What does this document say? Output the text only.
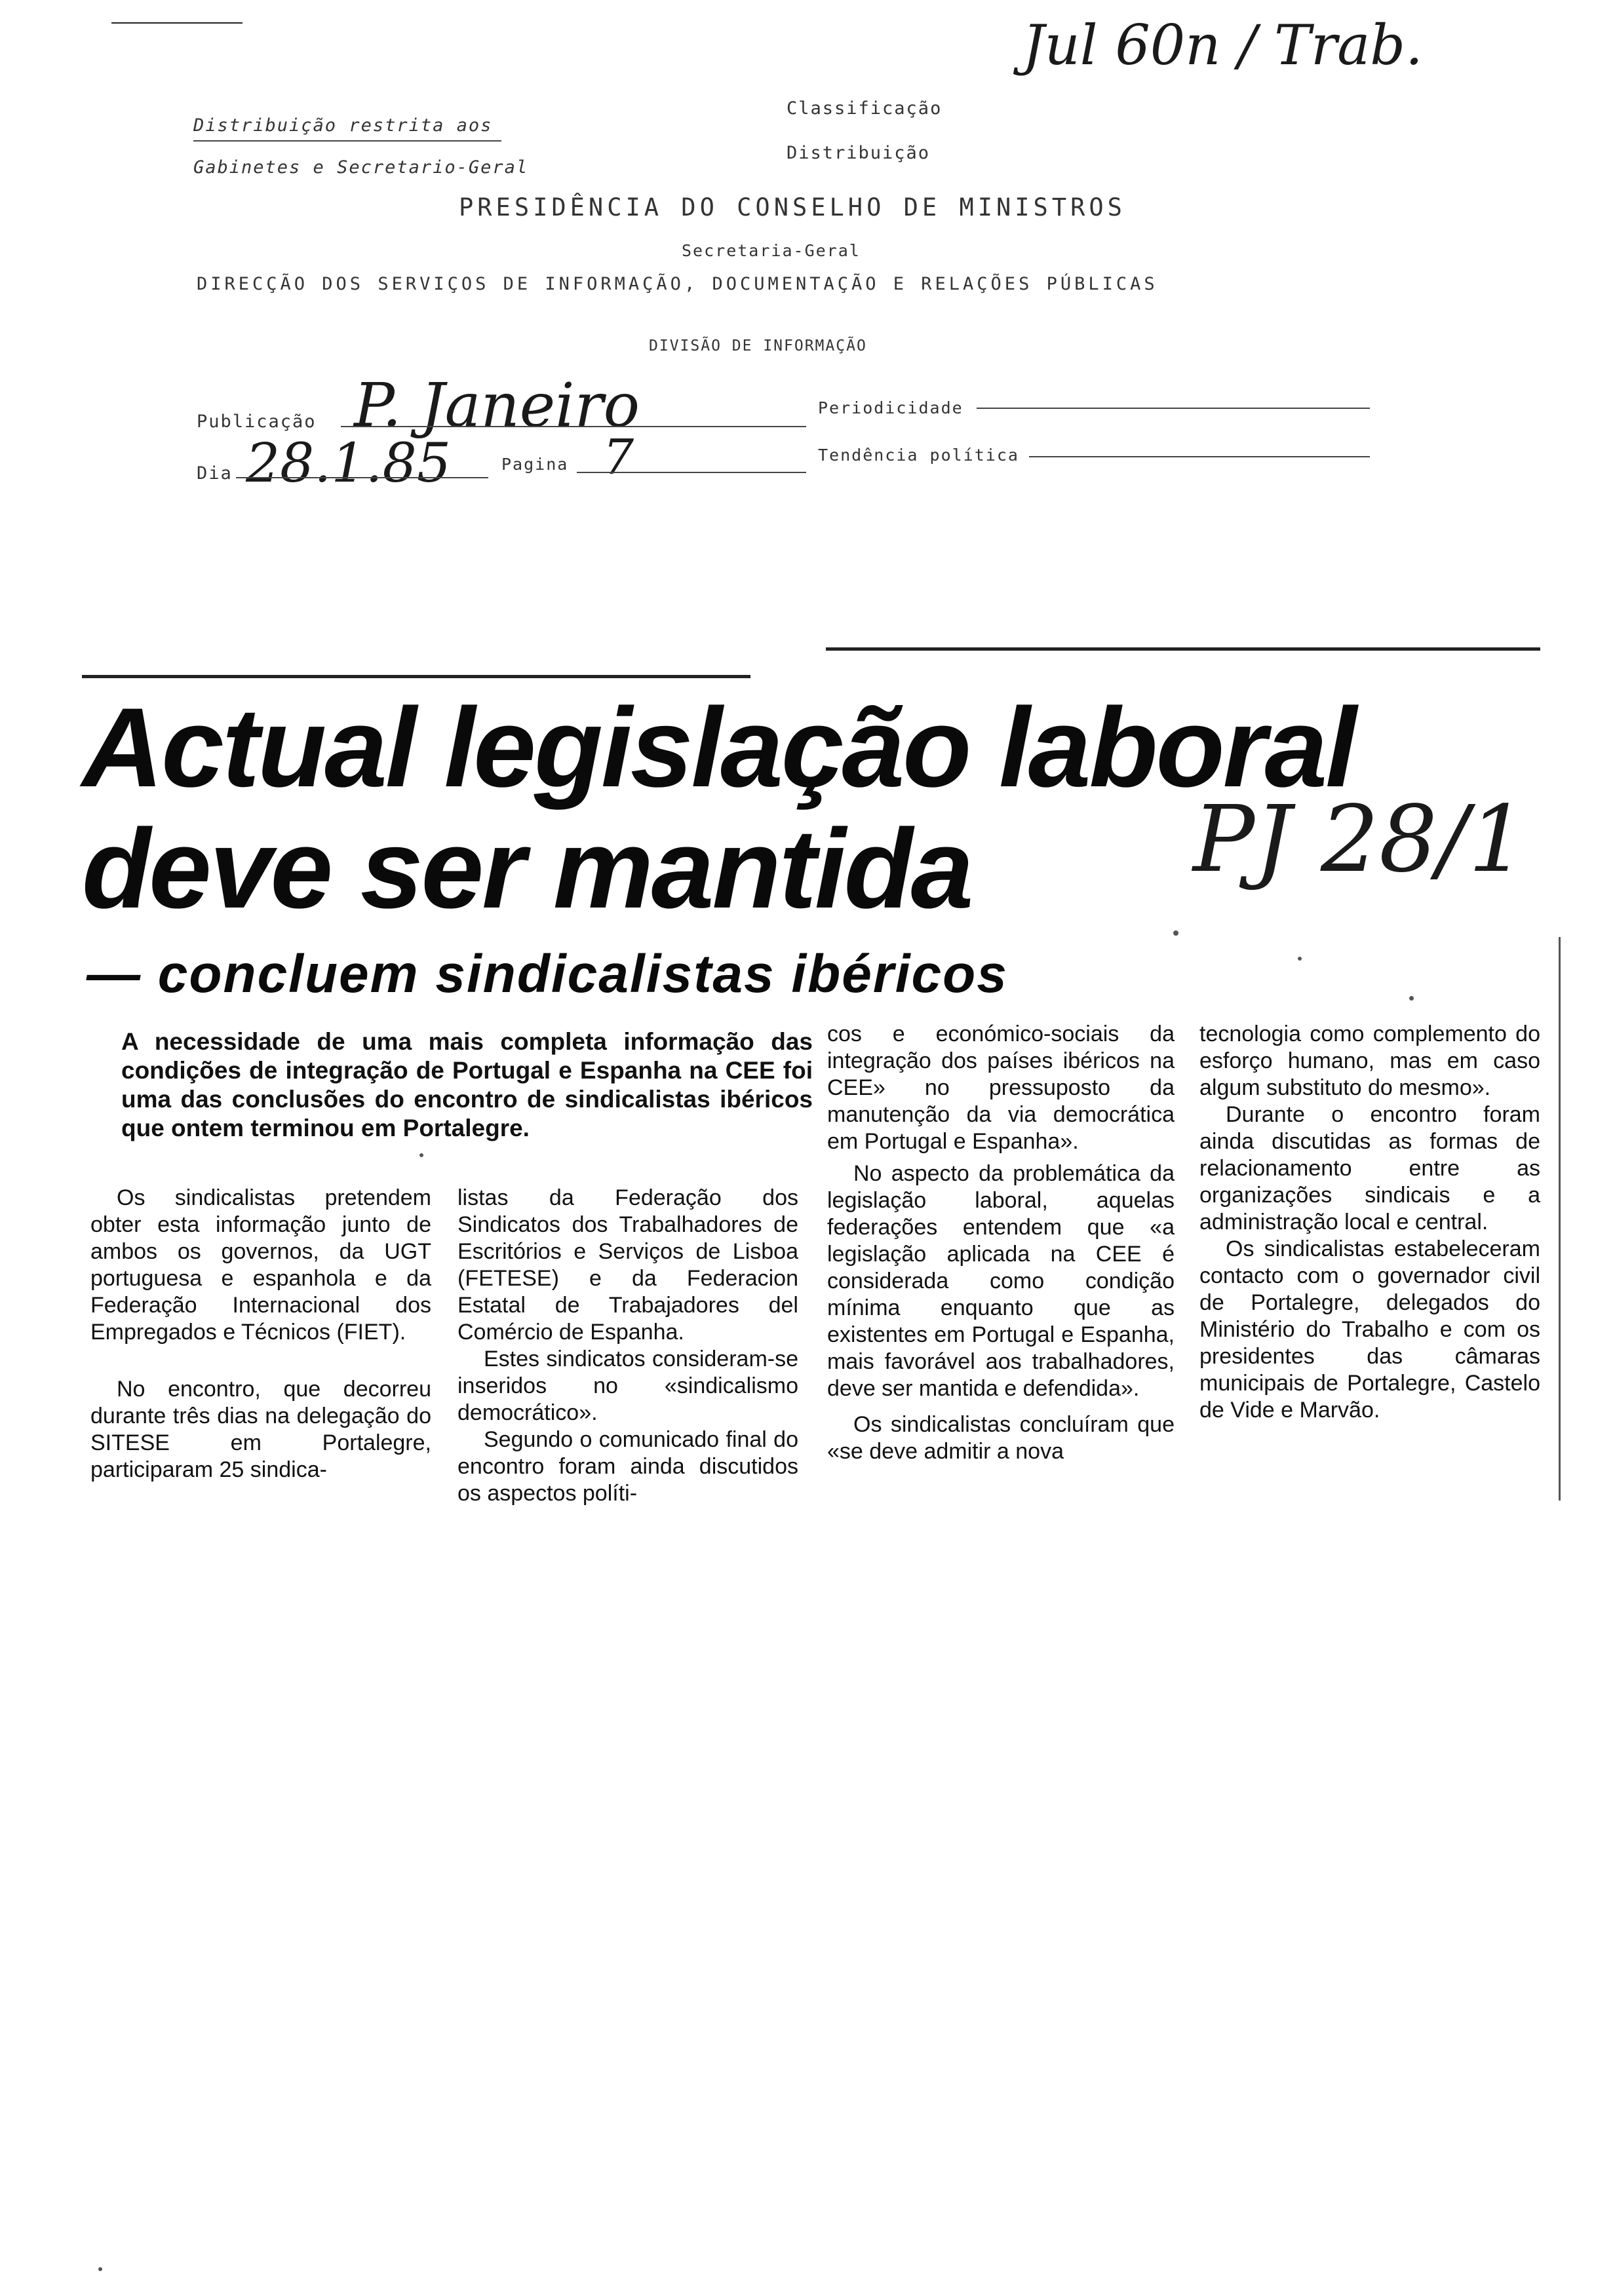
Jul 60n / Trab.
Distribuição restrita aos
Gabinetes e Secretario-Geral
Classificação
Distribuição
PRESIDÊNCIA DO CONSELHO DE MINISTROS
Secretaria-Geral
DIRECÇÃO DOS SERVIÇOS DE INFORMAÇÃO, DOCUMENTAÇÃO E RELAÇÕES PÚBLICAS
DIVISÃO DE INFORMAÇÃO
Publicação P. Janeiro
Dia 28.1.85	Pagina 7
Periodicidade
Tendência política
Actual legislação laboral
deve ser mantida	PJ 28/1
— concluem sindicalistas ibéricos
A necessidade de uma mais completa informação das condições de integração de Portugal e Espanha na CEE foi uma das conclusões do encontro de sindicalistas ibéricos que ontem terminou em Portalegre.

Os sindicalistas pretendem obter esta informação junto de ambos os governos, da UGT portuguesa e espanhola e da Federação Internacional dos Empregados e Técnicos (FIET).

No encontro, que decorreu durante três dias na delegação do SITESE em Portalegre, participaram 25 sindica-

listas da Federação dos Sindicatos dos Trabalhadores de Escritórios e Serviços de Lisboa (FETESE) e da Federacion Estatal de Trabajadores del Comércio de Espanha.

Estes sindicatos consideram-se inseridos no «sindicalismo democrático».

Segundo o comunicado final do encontro foram ainda discutidos os aspectos políti-

cos e económico-sociais da integração dos países ibéricos na CEE» no pressuposto da manutenção da via democrática em Portugal e Espanha».

No aspecto da problemática da legislação laboral, aquelas federações entendem que «a legislação aplicada na CEE é considerada como condição mínima enquanto que as existentes em Portugal e Espanha, mais favorável aos trabalhadores, deve ser mantida e defendida».

Os sindicalistas concluíram que «se deve admitir a nova

tecnologia como complemento do esforço humano, mas em caso algum substituto do mesmo».

Durante o encontro foram ainda discutidas as formas de relacionamento entre as organizações sindicais e a administração local e central.

Os sindicalistas estabeleceram contacto com o governador civil de Portalegre, delegados do Ministério do Trabalho e com os presidentes das câmaras municipais de Portalegre, Castelo de Vide e Marvão.
